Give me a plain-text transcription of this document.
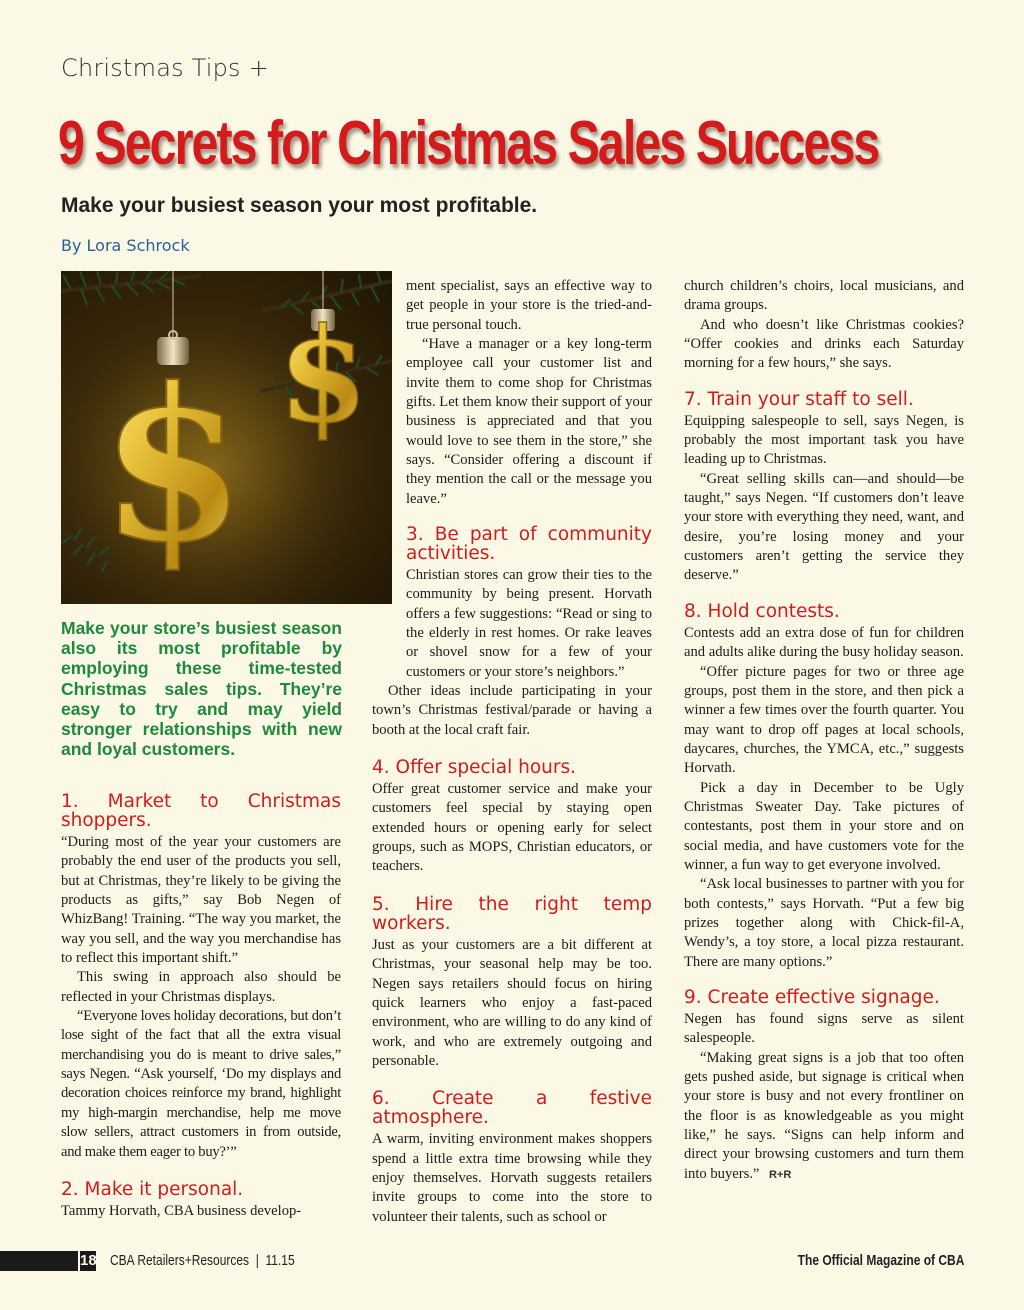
Christmas Tips +
9 Secrets for Christmas Sales Success
Make your busiest season your most profitable.
By Lora Schrock
$
$
Make your store’s busiest season also its most profitable by employing these time-tested Christmas sales tips. They’re easy to try and may yield stronger relationships with new and loyal customers.
1. Market to Christmas shoppers.

“During most of the year your customers are probably the end user of the products you sell, but at Christmas, they’re likely to be giving the products as gifts,” say Bob Negen of WhizBang! Training. “The way you market, the way you sell, and the way you merchandise has to reflect this important shift.”

This swing in approach also should be reflected in your Christmas displays.

“Everyone loves holiday decorations, but don’t lose sight of the fact that all the extra visual merchandising you do is meant to drive sales,” says Negen. “Ask yourself, ‘Do my displays and decoration choices reinforce my brand, highlight my high-margin merchandise, help me move slow sellers, attract customers in from outside, and make them eager to buy?’”

2. Make it personal.

Tammy Horvath, CBA business develop-

ment specialist, says an effective way to get people in your store is the tried-and-true personal touch.

“Have a manager or a key long-term employee call your customer list and invite them to come shop for Christmas gifts. Let them know their support of your business is appreciated and that you would love to see them in the store,” she says. “Consider offering a discount if they mention the call or the message you leave.”

3. Be part of community activities.

Christian stores can grow their ties to the community by being present. Horvath offers a few suggestions: “Read or sing to the elderly in rest homes. Or rake leaves or shovel snow for a few of your customers or your store’s neighbors.”

Other ideas include participating in your town’s Christmas festival/parade or having a booth at the local craft fair.

4. Offer special hours.

Offer great customer service and make your customers feel special by staying open extended hours or opening early for select groups, such as MOPS, Christian educators, or teachers.

5. Hire the right temp workers.

Just as your customers are a bit different at Christmas, your seasonal help may be too. Negen says retailers should focus on hiring quick learners who enjoy a fast-paced environment, who are willing to do any kind of work, and who are extremely outgoing and personable.

6. Create a festive atmosphere.

A warm, inviting environment makes shoppers spend a little extra time browsing while they enjoy themselves. Horvath suggests retailers invite groups to come into the store to volunteer their talents, such as school or

church children’s choirs, local musicians, and drama groups.

And who doesn’t like Christmas cookies? “Offer cookies and drinks each Saturday morning for a few hours,” she says.

7. Train your staff to sell.

Equipping salespeople to sell, says Negen, is probably the most important task you have leading up to Christmas.

“Great selling skills can—and should—be taught,” says Negen. “If customers don’t leave your store with everything they need, want, and desire, you’re losing money and your customers aren’t getting the service they deserve.”

8. Hold contests.

Contests add an extra dose of fun for children and adults alike during the busy holiday season.

“Offer picture pages for two or three age groups, post them in the store, and then pick a winner a few times over the fourth quarter. You may want to drop off pages at local schools, daycares, churches, the YMCA, etc.,” suggests Horvath.

Pick a day in December to be Ugly Christmas Sweater Day. Take pictures of contestants, post them in your store and on social media, and have customers vote for the winner, a fun way to get everyone involved.

“Ask local businesses to partner with you for both contests,” says Horvath. “Put a few big prizes together along with Chick-fil-A, Wendy’s, a toy store, a local pizza restaurant. There are many options.”

9. Create effective signage.

Negen has found signs serve as silent salespeople.

“Making great signs is a job that too often gets pushed aside, but signage is critical when your store is busy and not every frontliner on the floor is as knowledgeable as you might like,” he says. “Signs can help inform and direct your browsing customers and turn them into buyers.” R+R

18 CBA Retailers+Resources  |  11.15	The Official Magazine of CBA
